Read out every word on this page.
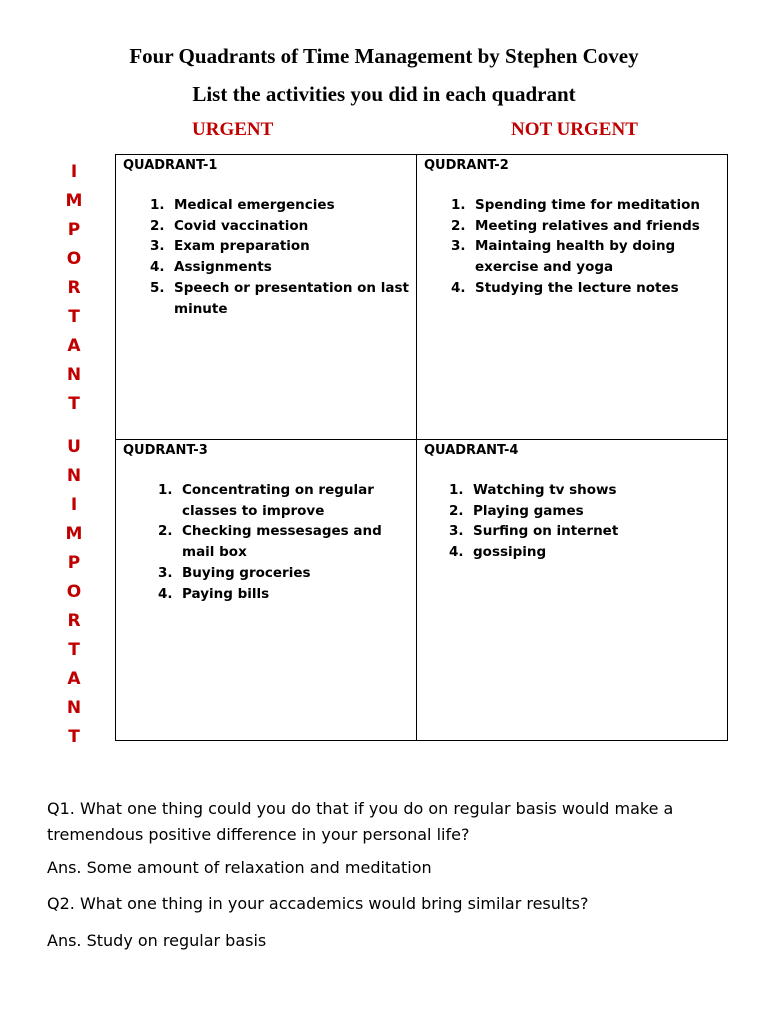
Four Quadrants of Time Management by Stephen Covey
List the activities you did in each quadrant
URGENT	NOT URGENT
I
M
P
O
R
T
A
N
T
U
N
I
M
P
O
R
T
A
N
T
QUADRANT-1
1. Medical emergencies
2. Covid vaccination
3. Exam preparation
4. Assignments
5. Speech or presentation on last minute
QUDRANT-2
1. Spending time for meditation
2. Meeting relatives and friends
3. Maintaing health by doing exercise and yoga
4. Studying the lecture notes
QUDRANT-3
1. Concentrating on regular classes to improve
2. Checking messesages and mail box
3. Buying groceries
4. Paying bills
QUADRANT-4
1. Watching tv shows
2. Playing games
3. Surfing on internet
4. gossiping

Q1. What one thing could you do that if you do on regular basis would make a tremendous positive difference in your personal life?

Ans. Some amount of relaxation and meditation

Q2. What one thing in your accademics would bring similar results?

Ans. Study on regular basis
